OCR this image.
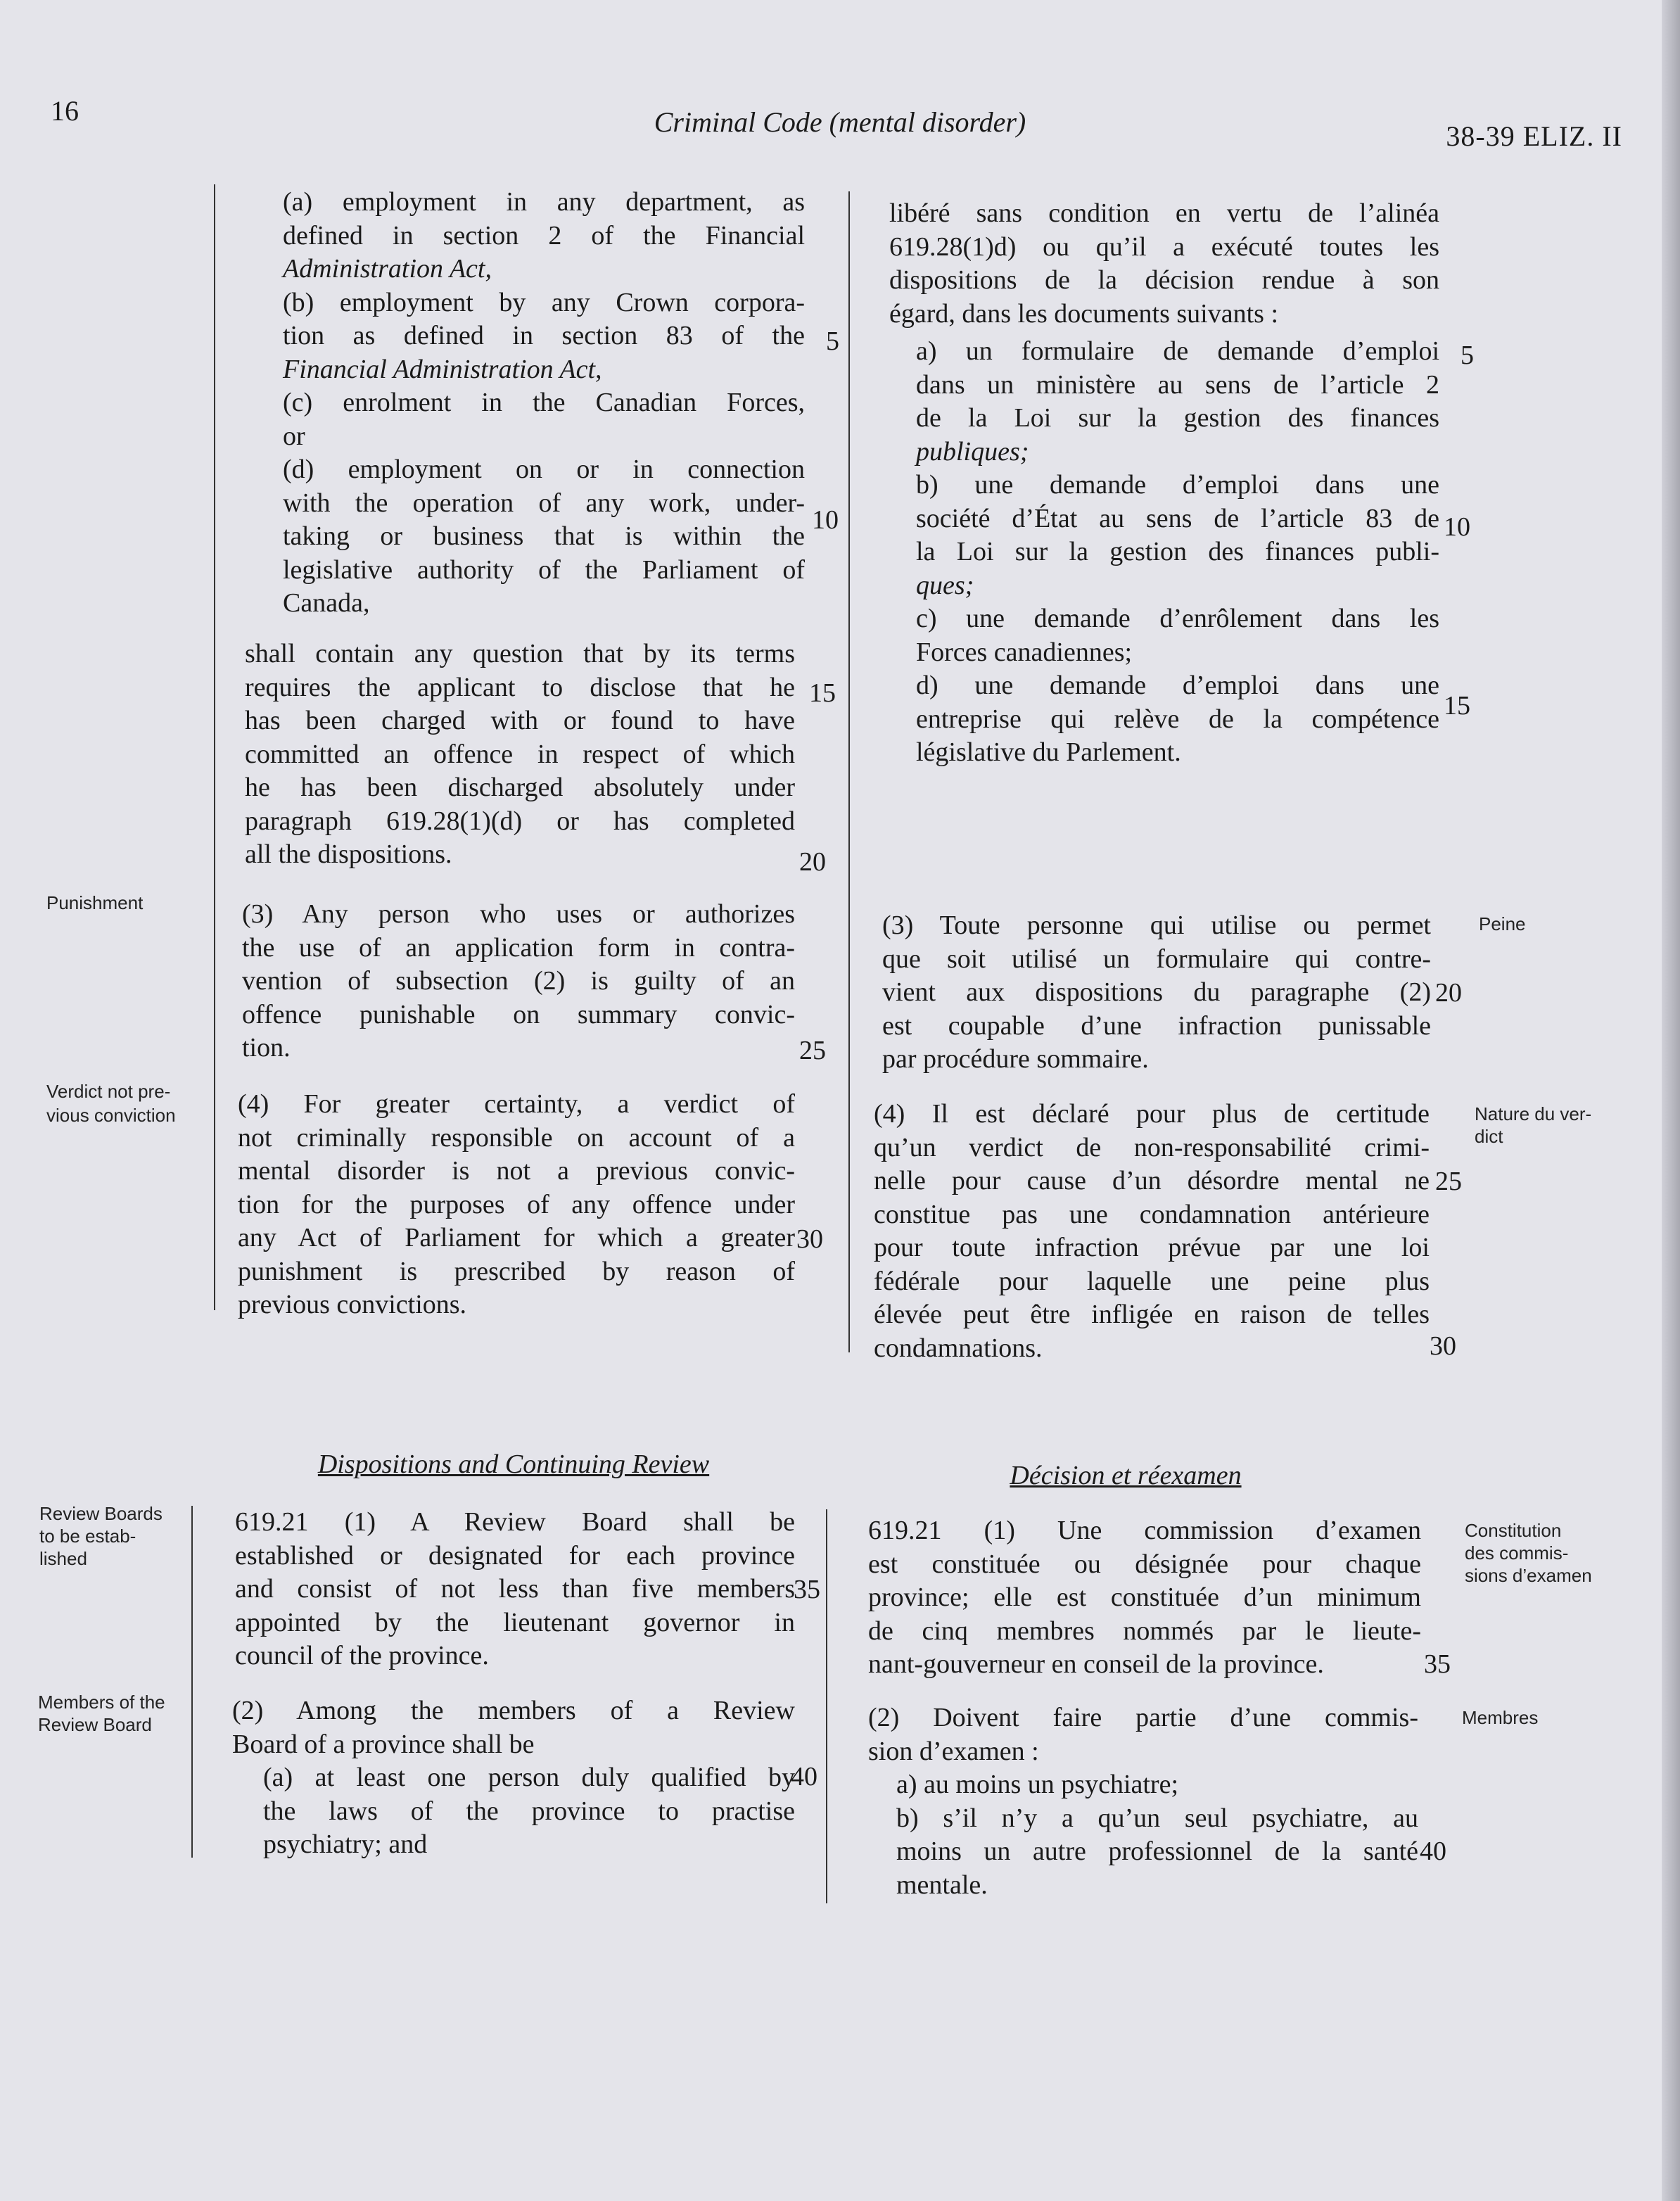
16	Criminal Code (mental disorder)	38-39 ELIZ. II
Punishment
Verdict not pre-
vious conviction
Review Boards
to be estab-
lished
Members of the
Review Board
Peine
Nature du ver-
dict
Constitution
des commis-
sions d’examen
Membres
(a) employment in any department, as
defined in section 2 of the Financial
Administration Act,
(b) employment by any Crown corpora-
tion as defined in section 83 of the
Financial Administration Act,
(c) enrolment in the Canadian Forces,
or
(d) employment on or in connection
with the operation of any work, under-
taking or business that is within the
legislative authority of the Parliament of
Canada,
shall contain any question that by its terms
requires the applicant to disclose that he
has been charged with or found to have
committed an offence in respect of which
he has been discharged absolutely under
paragraph 619.28(1)(d) or has completed
all the dispositions.
(3) Any person who uses or authorizes
the use of an application form in contra-
vention of subsection (2) is guilty of an
offence punishable on summary convic-
tion.
(4) For greater certainty, a verdict of
not criminally responsible on account of a
mental disorder is not a previous convic-
tion for the purposes of any offence under
any Act of Parliament for which a greater
punishment is prescribed by reason of
previous convictions.
Dispositions and Continuing Review
619.21 (1) A Review Board shall be
established or designated for each province
and consist of not less than five members
appointed by the lieutenant governor in
council of the province.
(2) Among the members of a Review
Board of a province shall be
(a) at least one person duly qualified by
the laws of the province to practise
psychiatry; and
5
10
15
20
25
30
35
40
libéré sans condition en vertu de l’alinéa
619.28(1)d) ou qu’il a exécuté toutes les
dispositions de la décision rendue à son
égard, dans les documents suivants :
a) un formulaire de demande d’emploi
dans un ministère au sens de l’article 2
de la Loi sur la gestion des finances
publiques;
b) une demande d’emploi dans une
société d’État au sens de l’article 83 de
la Loi sur la gestion des finances publi-
ques;
c) une demande d’enrôlement dans les
Forces canadiennes;
d) une demande d’emploi dans une
entreprise qui relève de la compétence
législative du Parlement.
(3) Toute personne qui utilise ou permet
que soit utilisé un formulaire qui contre-
vient aux dispositions du paragraphe (2)
est coupable d’une infraction punissable
par procédure sommaire.
(4) Il est déclaré pour plus de certitude
qu’un verdict de non-responsabilité crimi-
nelle pour cause d’un désordre mental ne
constitue pas une condamnation antérieure
pour toute infraction prévue par une loi
fédérale pour laquelle une peine plus
élevée peut être infligée en raison de telles
condamnations.
Décision et réexamen
619.21 (1) Une commission d’examen
est constituée ou désignée pour chaque
province; elle est constituée d’un minimum
de cinq membres nommés par le lieute-
nant-gouverneur en conseil de la province.
(2) Doivent faire partie d’une commis-
sion d’examen :
a) au moins un psychiatre;
b) s’il n’y a qu’un seul psychiatre, au
moins un autre professionnel de la santé
mentale.
5
10
15
20
25
30
35
40
